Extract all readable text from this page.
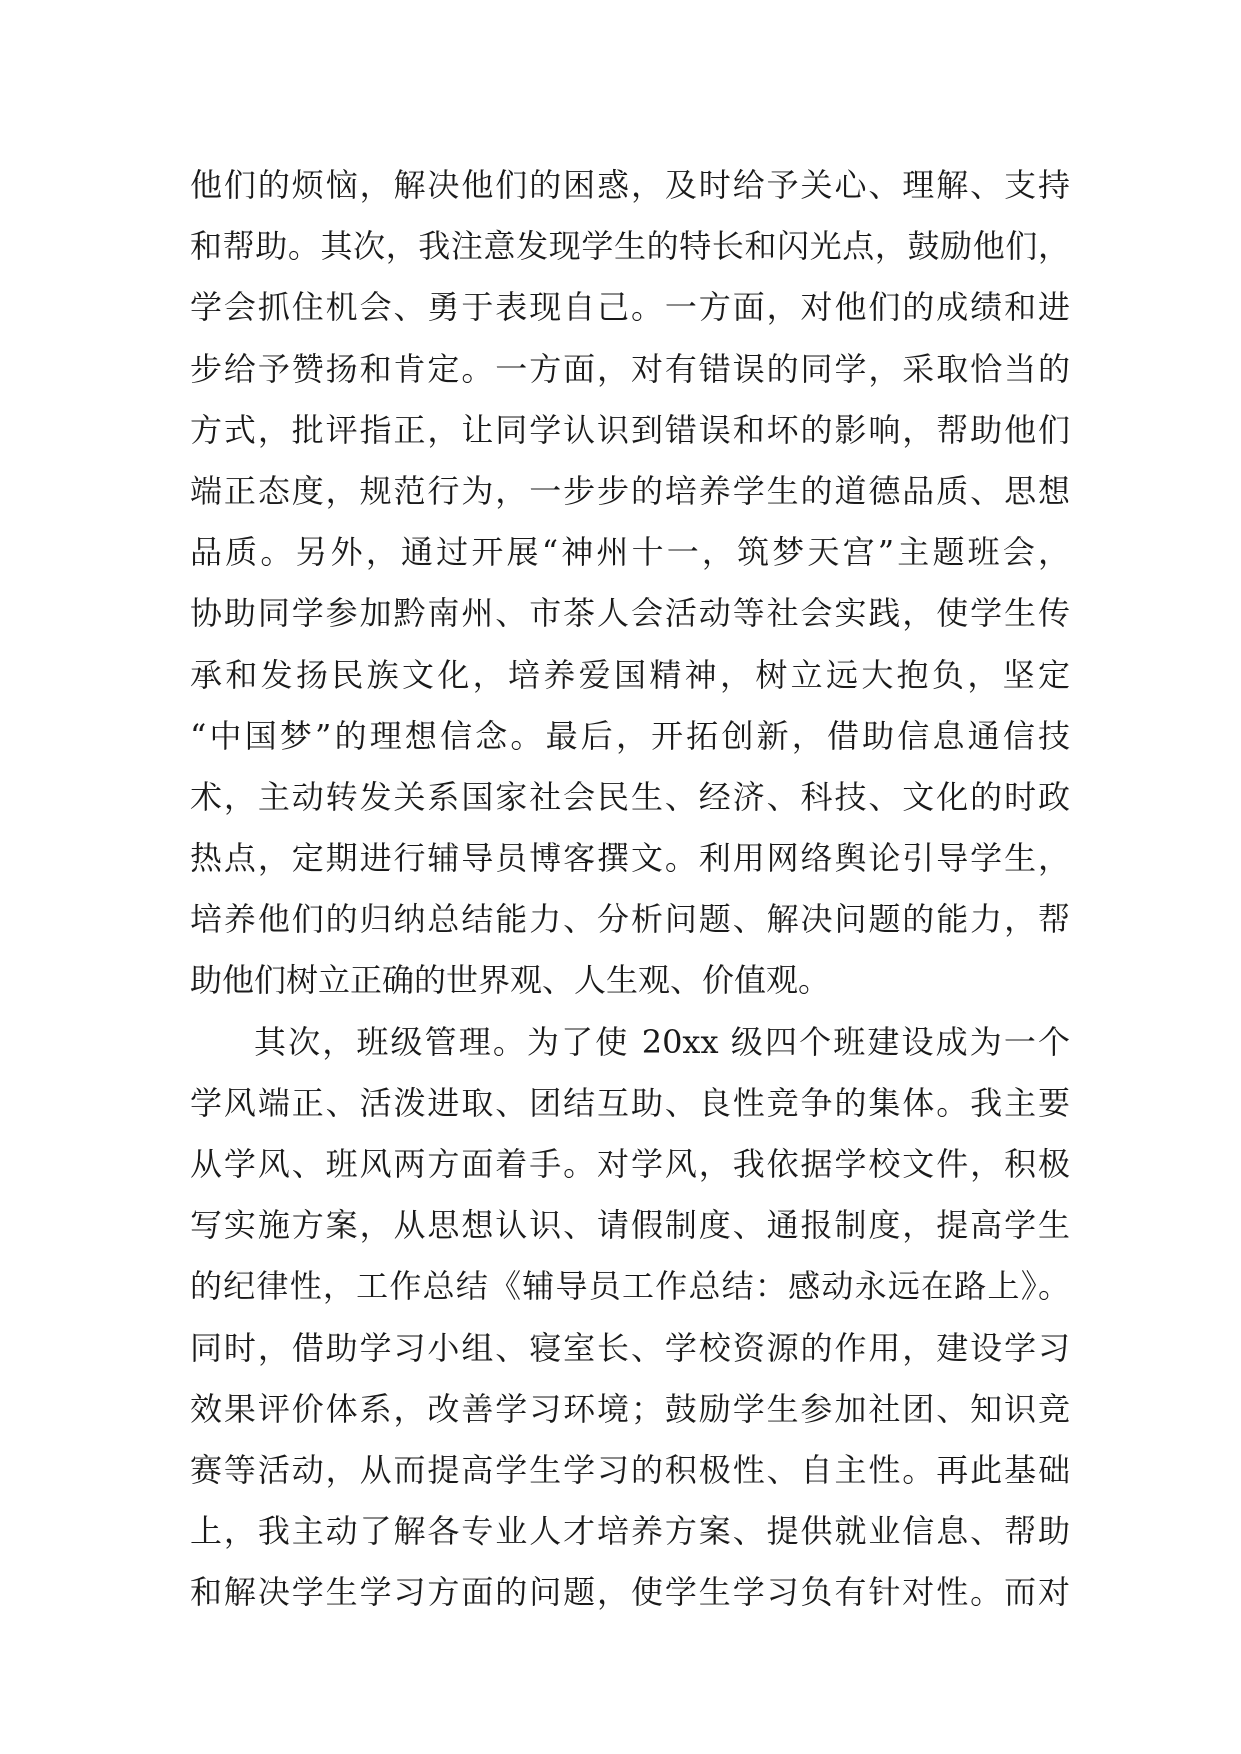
他们的烦恼，解决他们的困惑，及时给予关心、理解、支持
和帮助。其次，我注意发现学生的特长和闪光点，鼓励他们，
学会抓住机会、勇于表现自己。一方面，对他们的成绩和进
步给予赞扬和肯定。一方面，对有错误的同学，采取恰当的
方式，批评指正，让同学认识到错误和坏的影响，帮助他们
端正态度，规范行为，一步步的培养学生的道德品质、思想
品质。另外，通过开展“神州十一，筑梦天宫”主题班会，
协助同学参加黔南州、市茶人会活动等社会实践，使学生传
承和发扬民族文化，培养爱国精神，树立远大抱负，坚定
“中国梦”的理想信念。最后，开拓创新，借助信息通信技
术，主动转发关系国家社会民生、经济、科技、文化的时政
热点，定期进行辅导员博客撰文。利用网络舆论引导学生，
培养他们的归纳总结能力、分析问题、解决问题的能力，帮
助他们树立正确的世界观、人生观、价值观。
其次，班级管理。为了使 20xx 级四个班建设成为一个
学风端正、活泼进取、团结互助、良性竞争的集体。我主要
从学风、班风两方面着手。对学风，我依据学校文件，积极
写实施方案，从思想认识、请假制度、通报制度，提高学生
的纪律性，工作总结《辅导员工作总结：感动永远在路上》。
同时，借助学习小组、寝室长、学校资源的作用，建设学习
效果评价体系，改善学习环境；鼓励学生参加社团、知识竞
赛等活动，从而提高学生学习的积极性、自主性。再此基础
上，我主动了解各专业人才培养方案、提供就业信息、帮助
和解决学生学习方面的问题，使学生学习负有针对性。而对
